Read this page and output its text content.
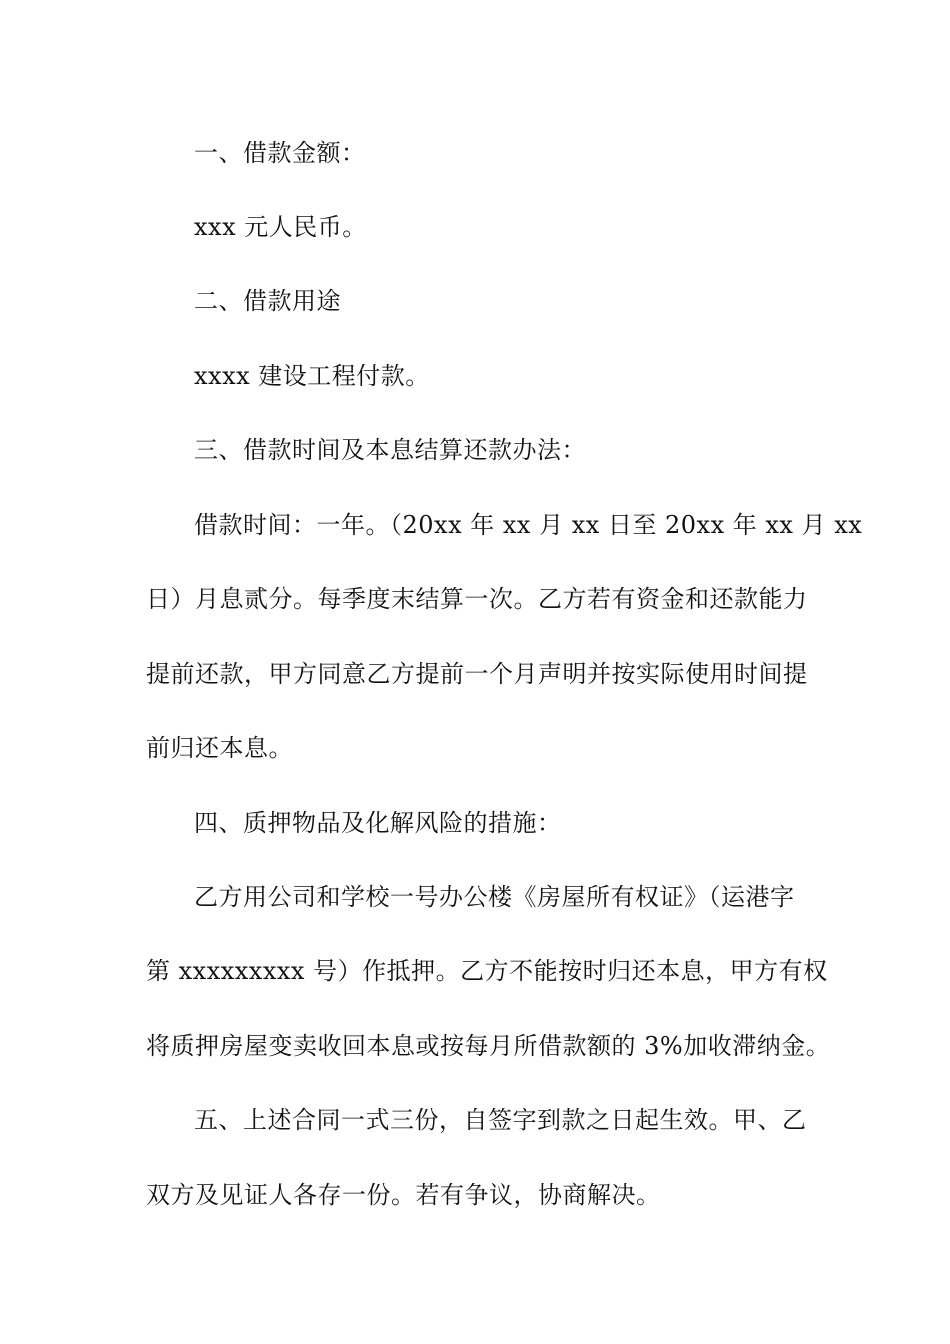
一、借款金额：
xxx 元人民币。
二、借款用途
xxxx 建设工程付款。
三、借款时间及本息结算还款办法：
借款时间：一年。（20xx 年 xx 月 xx 日至 20xx 年 xx 月 xx
日）月息贰分。每季度末结算一次。乙方若有资金和还款能力
提前还款，甲方同意乙方提前一个月声明并按实际使用时间提
前归还本息。
四、质押物品及化解风险的措施：
乙方用公司和学校一号办公楼《房屋所有权证》（运港字
第 xxxxxxxxx 号）作抵押。乙方不能按时归还本息，甲方有权
将质押房屋变卖收回本息或按每月所借款额的 3%加收滞纳金。
五、上述合同一式三份，自签字到款之日起生效。甲、乙
双方及见证人各存一份。若有争议，协商解决。
